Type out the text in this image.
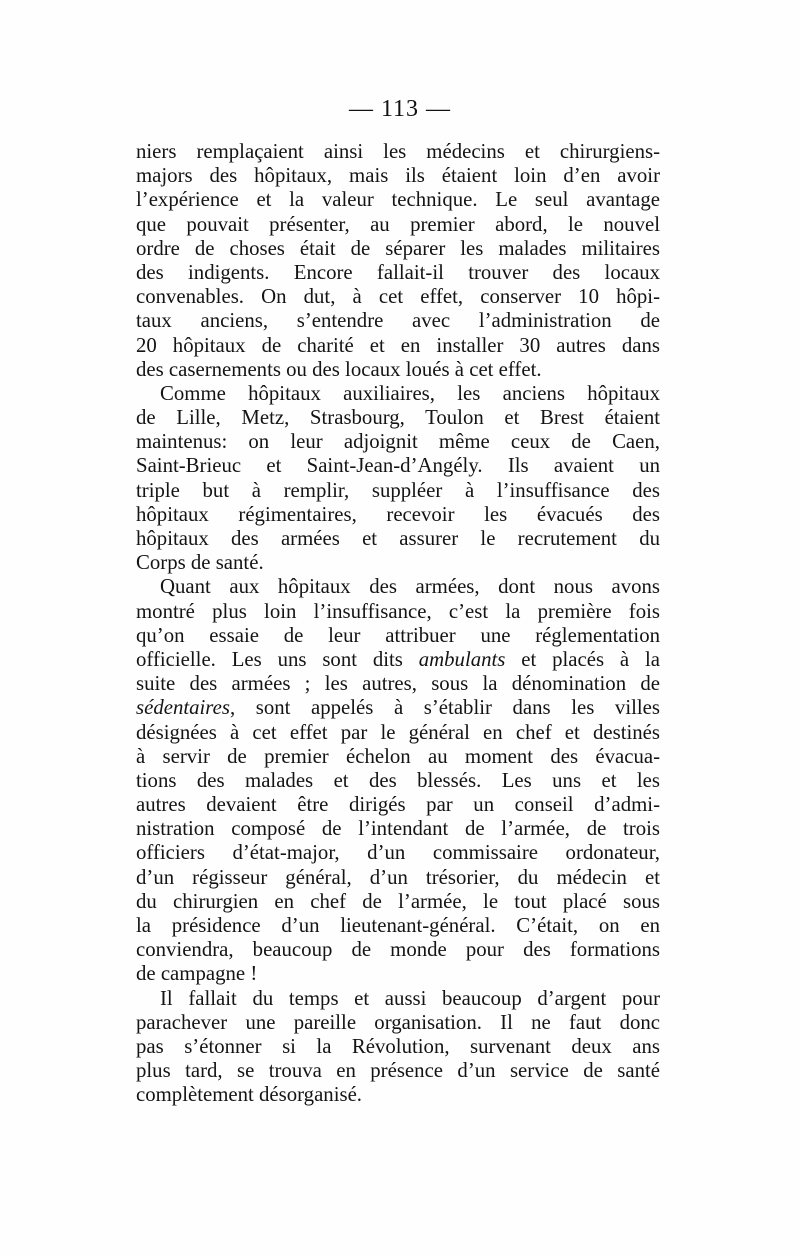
— 113 —
niers remplaçaient ainsi les médecins et chirurgiens-
majors des hôpitaux, mais ils étaient loin d’en avoir
l’expérience et la valeur technique. Le seul avantage
que pouvait présenter, au premier abord, le nouvel
ordre de choses était de séparer les malades militaires
des indigents. Encore fallait-il trouver des locaux
convenables. On dut, à cet effet, conserver 10 hôpi-
taux anciens, s’entendre avec l’administration de
20 hôpitaux de charité et en installer 30 autres dans
des casernements ou des locaux loués à cet effet.
Comme hôpitaux auxiliaires, les anciens hôpitaux
de Lille, Metz, Strasbourg, Toulon et Brest étaient
maintenus: on leur adjoignit même ceux de Caen,
Saint-Brieuc et Saint-Jean-d’Angély. Ils avaient un
triple but à remplir, suppléer à l’insuffisance des
hôpitaux régimentaires, recevoir les évacués des
hôpitaux des armées et assurer le recrutement du
Corps de santé.
Quant aux hôpitaux des armées, dont nous avons
montré plus loin l’insuffisance, c’est la première fois
qu’on essaie de leur attribuer une réglementation
officielle. Les uns sont dits ambulants et placés à la
suite des armées ; les autres, sous la dénomination de
sédentaires, sont appelés à s’établir dans les villes
désignées à cet effet par le général en chef et destinés
à servir de premier échelon au moment des évacua-
tions des malades et des blessés. Les uns et les
autres devaient être dirigés par un conseil d’admi-
nistration composé de l’intendant de l’armée, de trois
officiers d’état-major, d’un commissaire ordonateur,
d’un régisseur général, d’un trésorier, du médecin et
du chirurgien en chef de l’armée, le tout placé sous
la présidence d’un lieutenant-général. C’était, on en
conviendra, beaucoup de monde pour des formations
de campagne !
Il fallait du temps et aussi beaucoup d’argent pour
parachever une pareille organisation. Il ne faut donc
pas s’étonner si la Révolution, survenant deux ans
plus tard, se trouva en présence d’un service de santé
complètement désorganisé.
